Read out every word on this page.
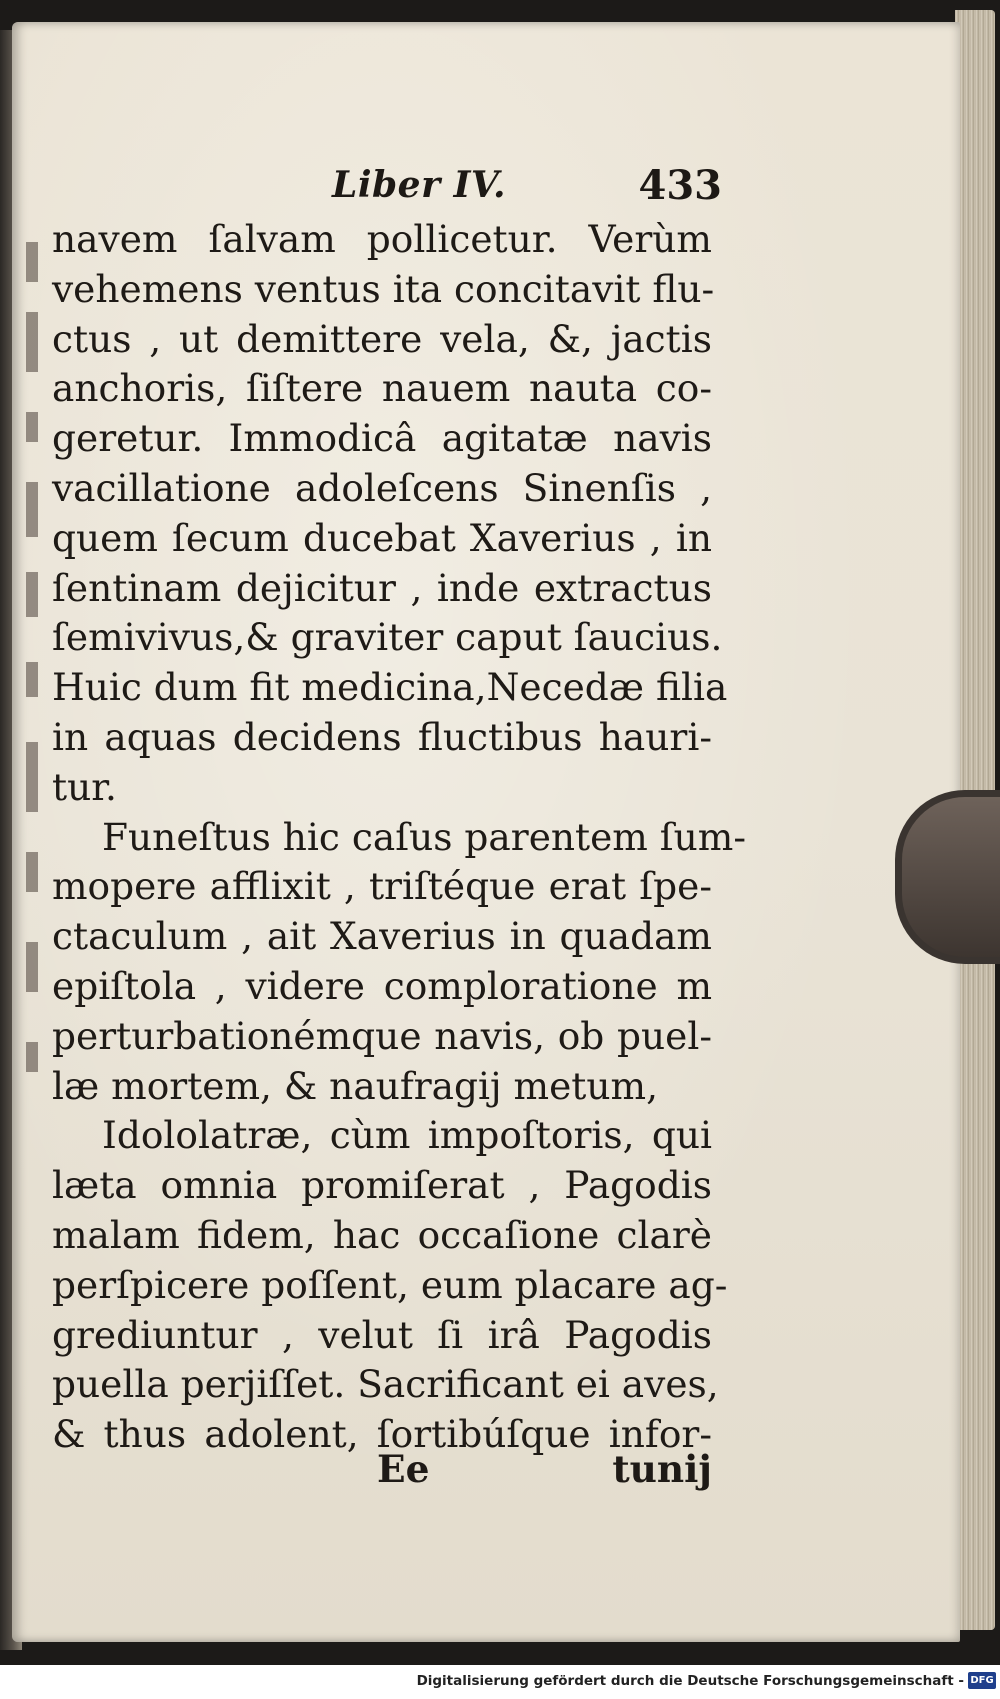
Liber IV.	433
navem ſalvam pollicetur. Verùm
vehemens ventus ita concitavit flu-
ctus , ut demittere vela, &, jactis
anchoris, ſiſtere nauem nauta co-
geretur. Immodicâ agitatæ navis
vacillatione adoleſcens Sinenſis ,
quem ſecum ducebat Xaverius , in
ſentinam dejicitur , inde extractus
ſemivivus,& graviter caput ſaucius.
Huic dum fit medicina,Necedæ filia
in aquas decidens fluctibus hauri-
tur.
Funeſtus hic caſus parentem ſum-
mopere afflixit , triſtéque erat ſpe-
ctaculum , ait Xaverius in quadam
epiſtola , videre comploratione m
perturbationémque navis, ob puel-
læ mortem, & naufragij metum,
Idololatræ, cùm impoſtoris, qui
læta omnia promiſerat , Pagodis
malam fidem, hac occaſione clarè
perſpicere poſſent, eum placare ag-
grediuntur , velut ſi irâ Pagodis
puella perjiſſet. Sacrificant ei aves,
& thus adolent, ſortibúſque infor-
Ee	tunij
Digitalisierung gefördert durch die Deutsche Forschungsgemeinschaft - DFG
